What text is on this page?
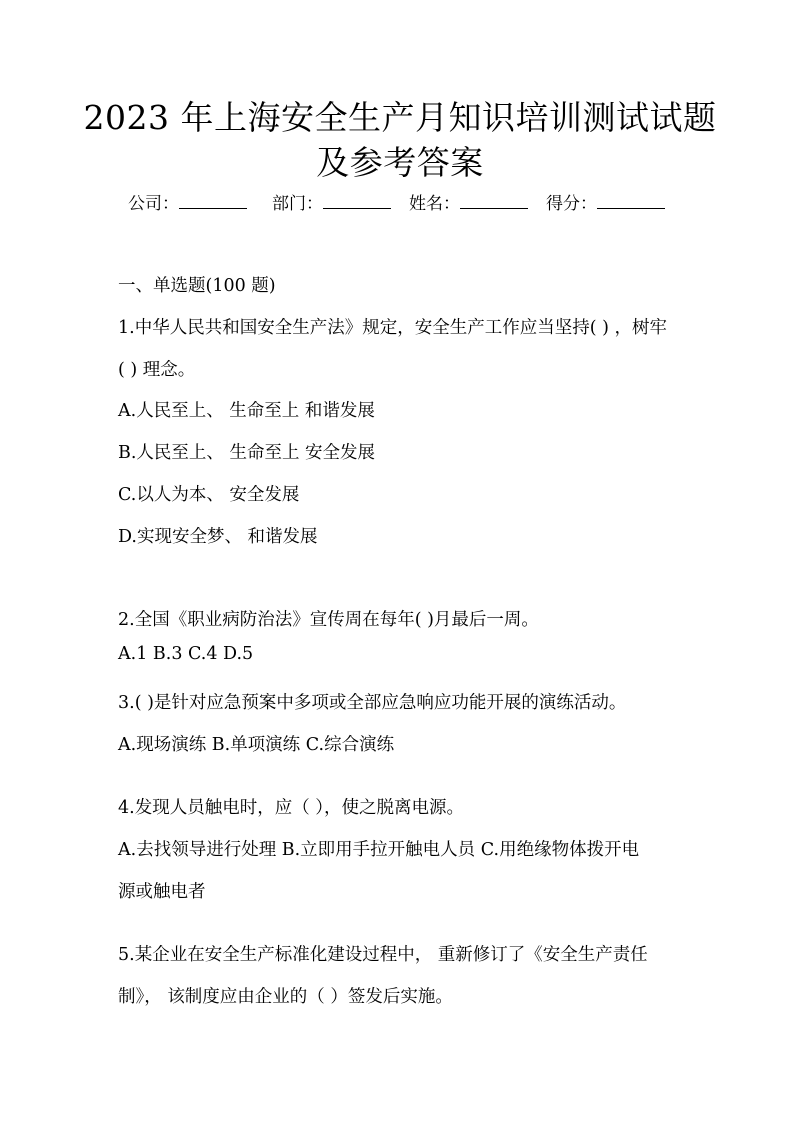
2023 年上海安全生产月知识培训测试试题
及参考答案
公司：	部门：	姓名：	得分：
一、单选题(100 题)
1.中华人民共和国安全生产法》规定，安全生产工作应当坚持( ) ，树牢
( ) 理念。
A.人民至上、 生命至上 和谐发展
B.人民至上、 生命至上 安全发展
C.以人为本、 安全发展
D.实现安全梦、 和谐发展
2.全国《职业病防治法》宣传周在每年( )月最后一周。
A.1 B.3 C.4 D.5
3.( )是针对应急预案中多项或全部应急响应功能开展的演练活动。
A.现场演练 B.单项演练 C.综合演练
4.发现人员触电时，应（ ），使之脱离电源。
A.去找领导进行处理 B.立即用手拉开触电人员 C.用绝缘物体拨开电
源或触电者
5.某企业在安全生产标准化建设过程中， 重新修订了《安全生产责任
制》， 该制度应由企业的（ ）签发后实施。
